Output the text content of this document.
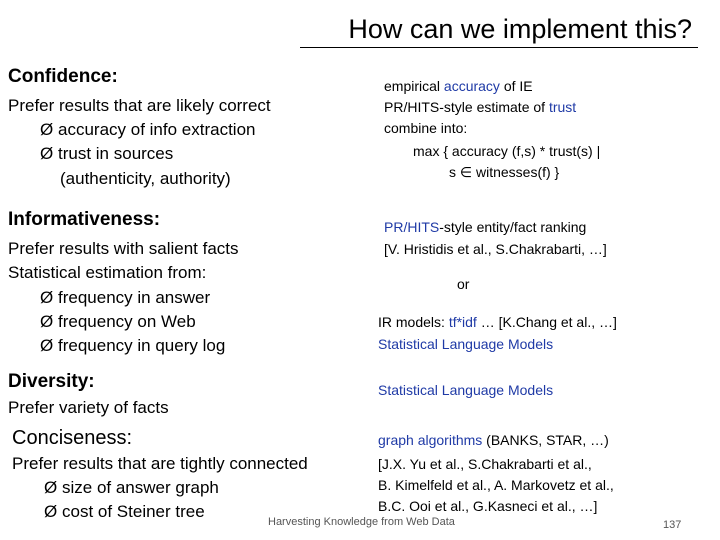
How can we implement this?
Confidence:
Prefer results that are likely correct
Ø accuracy of info extraction
Ø trust in sources
(authenticity, authority)
empirical accuracy of IE
PR/HITS-style estimate of trust
combine into:
max { accuracy (f,s) * trust(s) |
s ∈ witnesses(f) }
Informativeness:
Prefer results with salient facts
Statistical estimation from:
Ø frequency in answer
Ø frequency on Web
Ø frequency in query log
PR/HITS-style entity/fact ranking
[V. Hristidis et al., S.Chakrabarti, …]
or
IR models: tf*idf … [K.Chang et al., …]
Statistical Language Models
Diversity:
Prefer variety of facts
Statistical Language Models
Conciseness:
Prefer results that are tightly connected
Ø size of answer graph
Ø cost of Steiner tree
graph algorithms (BANKS, STAR, …)
[J.X. Yu et al., S.Chakrabarti et al.,
B. Kimelfeld et al., A. Markovetz et al.,
B.C. Ooi et al., G.Kasneci et al., …]
Harvesting Knowledge from Web Data	137
